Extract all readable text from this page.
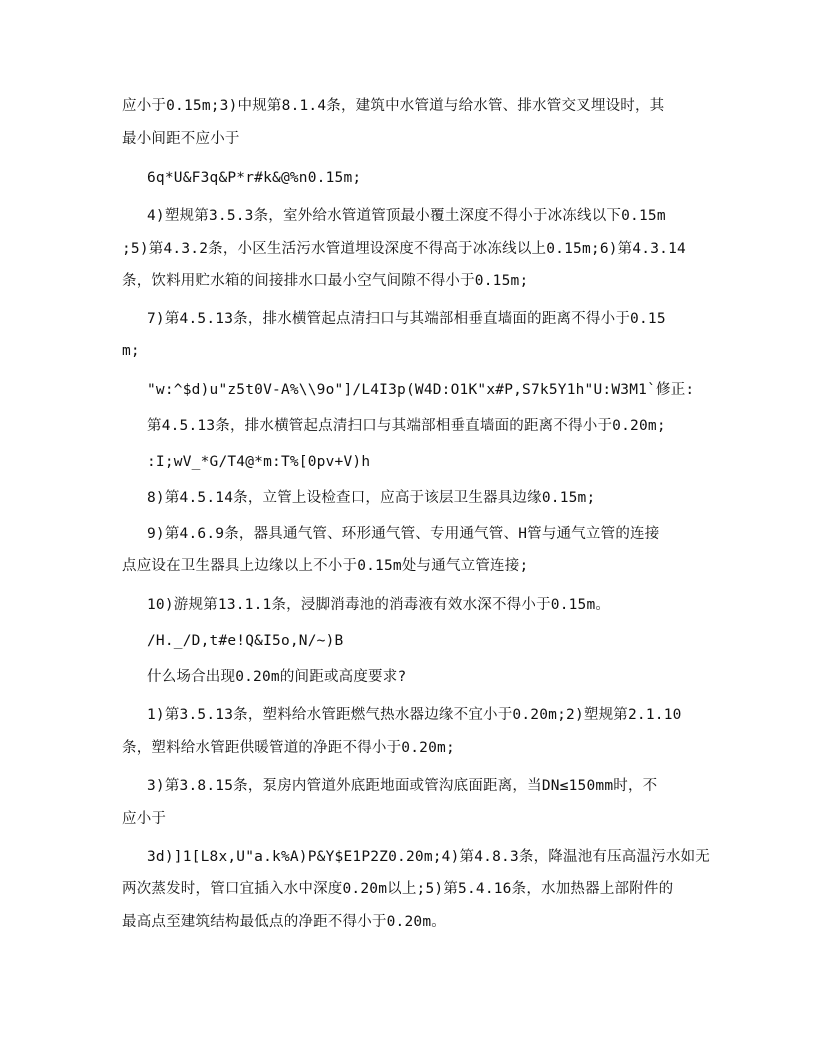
应小于0.15m;3)中规第8.1.4条，建筑中水管道与给水管、排水管交叉埋设时，其
最小间距不应小于
6q*U&F3q&P*r#k&@%n0.15m;
4)塑规第3.5.3条，室外给水管道管顶最小覆土深度不得小于冰冻线以下0.15m
;5)第4.3.2条，小区生活污水管道埋设深度不得高于冰冻线以上0.15m;6)第4.3.14
条，饮料用贮水箱的间接排水口最小空气间隙不得小于0.15m;
7)第4.5.13条，排水横管起点清扫口与其端部相垂直墙面的距离不得小于0.15
m;
"w:^$d)u"z5t0V-A%\\9o"]/L4I3p(W4D:O1K"x#P,S7k5Y1h"U:W3M1`修正:
第4.5.13条，排水横管起点清扫口与其端部相垂直墙面的距离不得小于0.20m;
:I;wV_*G/T4@*m:T%[0pv+V)h
8)第4.5.14条，立管上设检查口，应高于该层卫生器具边缘0.15m;
9)第4.6.9条，器具通气管、环形通气管、专用通气管、H管与通气立管的连接
点应设在卫生器具上边缘以上不小于0.15m处与通气立管连接;
10)游规第13.1.1条，浸脚消毒池的消毒液有效水深不得小于0.15m。
/H._/D,t#e!Q&I5o,N/~)B
什么场合出现0.20m的间距或高度要求?
1)第3.5.13条，塑料给水管距燃气热水器边缘不宜小于0.20m;2)塑规第2.1.10
条，塑料给水管距供暖管道的净距不得小于0.20m;
3)第3.8.15条，泵房内管道外底距地面或管沟底面距离，当DN≤150mm时，不
应小于
3d)]1[L8x,U"a.k%A)P&Y$E1P2Z0.20m;4)第4.8.3条，降温池有压高温污水如无
两次蒸发时，管口宜插入水中深度0.20m以上;5)第5.4.16条，水加热器上部附件的
最高点至建筑结构最低点的净距不得小于0.20m。
